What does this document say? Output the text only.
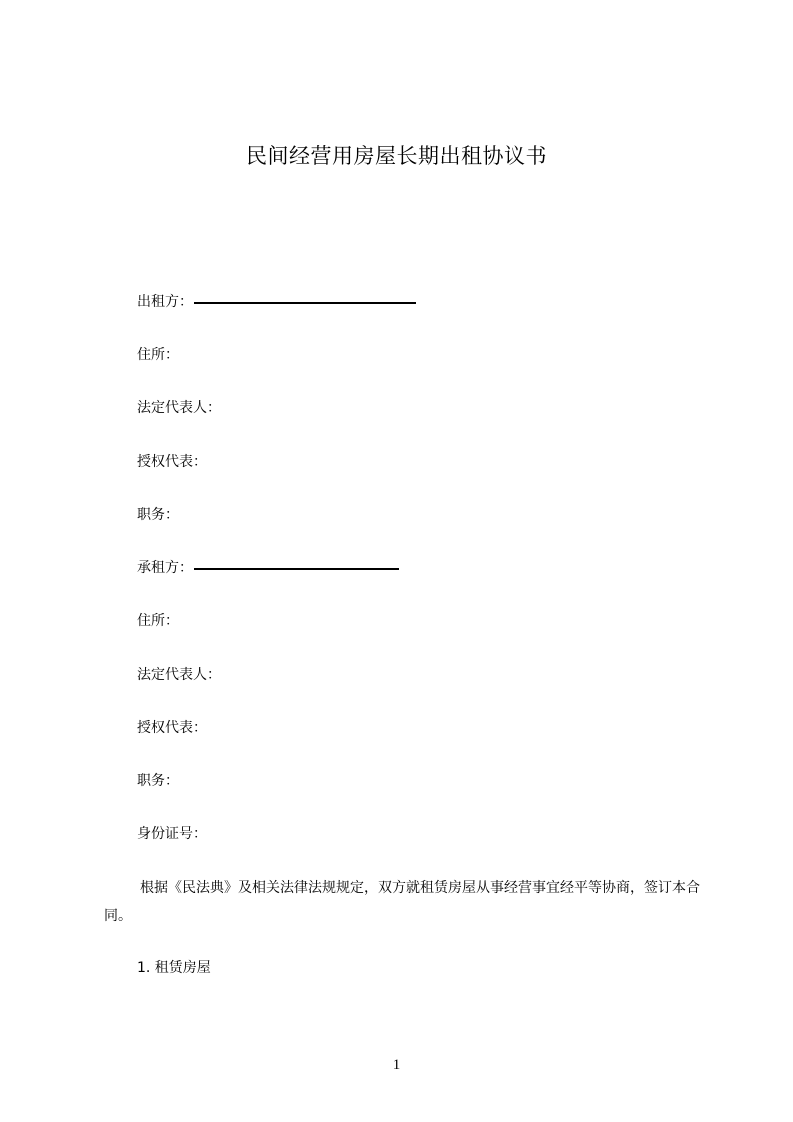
民间经营用房屋长期出租协议书
出租方：
住所：
法定代表人：
授权代表：
职务：
承租方：
住所：
法定代表人：
授权代表：
职务：
身份证号：
根据《民法典》及相关法律法规规定，双方就租赁房屋从事经营事宜经平等协商，签订本合同。
1. 租赁房屋
1
